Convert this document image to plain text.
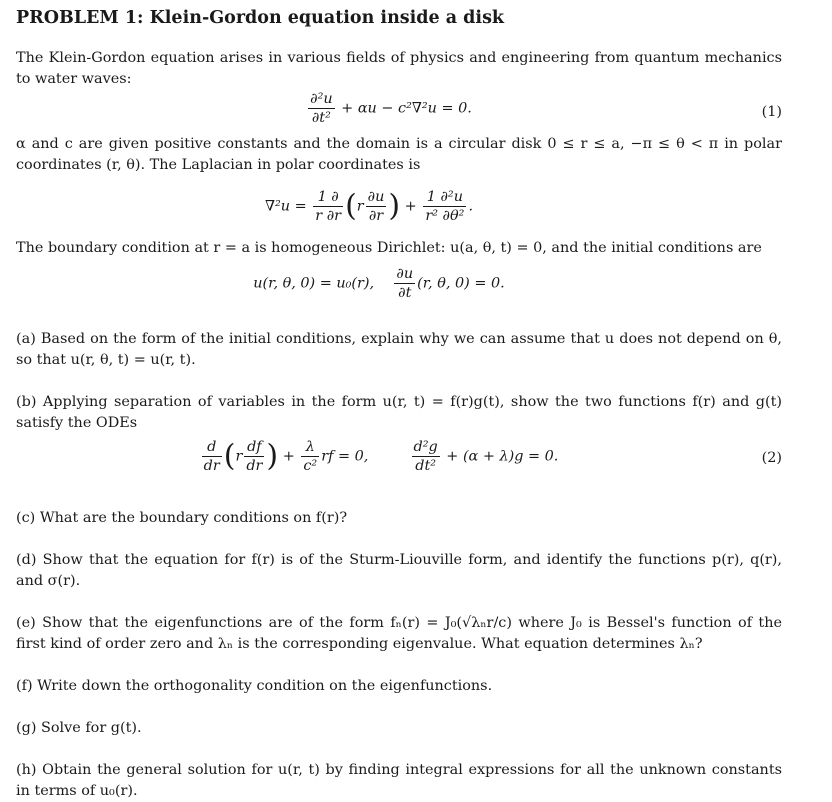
PROBLEM 1: Klein-Gordon equation inside a disk

The Klein-Gordon equation arises in various fields of physics and engineering from quantum mechanics to water waves:

$\frac{\text{∂²u}}{\text{∂t²}} + \alpha u - c^2\nabla^2u = 0$.	(1)

α and c are given positive constants and the domain is a circular disk 0 ≤ r ≤ a, −π ≤ θ < π in polar coordinates (r, θ). The Laplacian in polar coordinates is

$\nabla^2u = \frac{1 \partial}{r \partial r} (r \frac{\partial u}{\partial r}$ ) + $\frac{\text{1 ∂²u}}{\text{r² ∂θ²}}$ .

The boundary condition at r = a is homogeneous Dirichlet: u(a, θ, t) = 0, and the initial conditions are

u(r, θ, 0) = u₀(r), $\frac{\partial u}{\partial t} (r$, θ, 0) = 0.

(a) Based on the form of the initial conditions, explain why we can assume that u does not depend on θ, so that u(r, θ, t) = u(r, t).

(b) Applying separation of variables in the form u(r, t) = f(r)g(t), show the two functions f(r) and g(t) satisfy the ODEs

$\frac{d}{dr} (r \frac{df}{dr}$ ) + $\frac{\lambda}{\text{c²}}$ rf = 0,	$\frac{\text{d²g}}{\text{dt²}} + (\alpha + \lambda)g = 0$.	(2)

(c) What are the boundary conditions on f(r)?

(d) Show that the equation for f(r) is of the Sturm-Liouville form, and identify the functions p(r), q(r), and σ(r).

(e) Show that the eigenfunctions are of the form fₙ(r) = J₀(√λₙr/c) where J₀ is Bessel's function of the first kind of order zero and λₙ is the corresponding eigenvalue. What equation determines λₙ?

(f) Write down the orthogonality condition on the eigenfunctions.

(g) Solve for g(t).

(h) Obtain the general solution for u(r, t) by finding integral expressions for all the unknown constants in terms of u₀(r).
